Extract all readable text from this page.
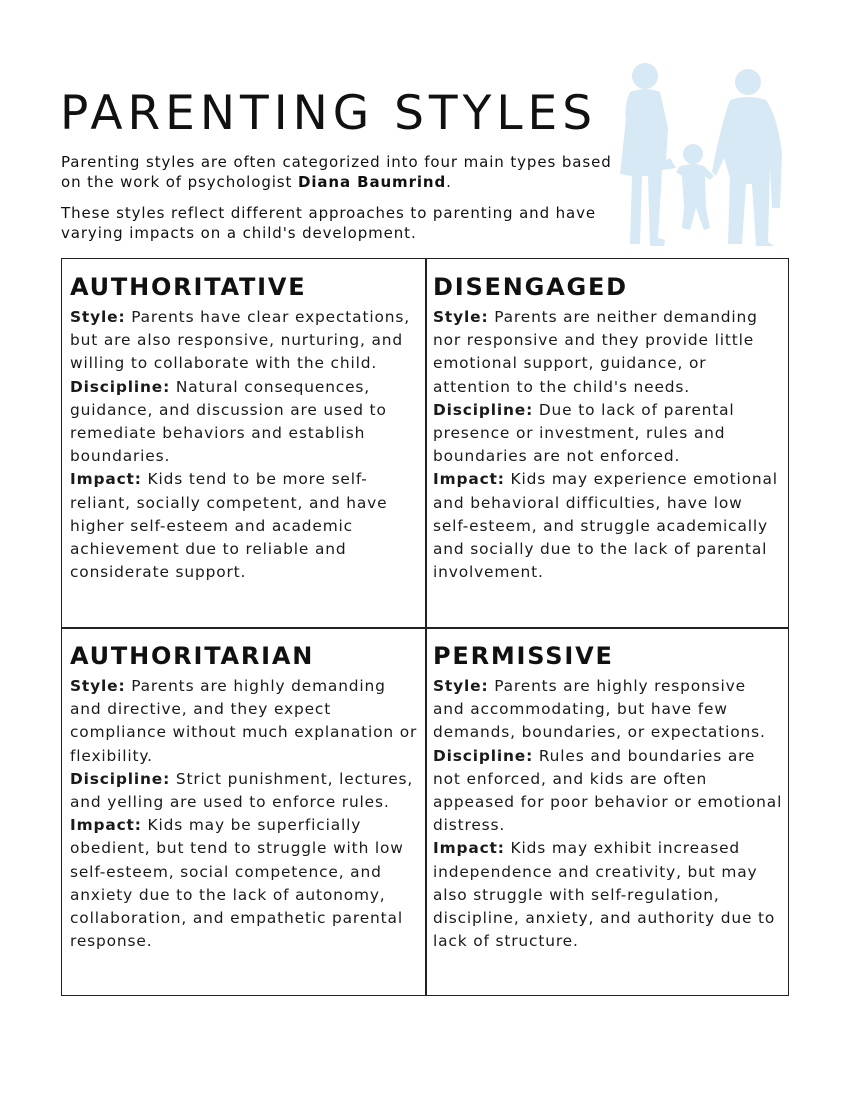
PARENTING STYLES

Parenting styles are often categorized into four main types based on the work of psychologist Diana Baumrind.

These styles reflect different approaches to parenting and have varying impacts on a child's development.

AUTHORITATIVE

Style: Parents have clear expectations, but are also responsive, nurturing, and willing to collaborate with the child.
Discipline: Natural consequences, guidance, and discussion are used to remediate behaviors and establish boundaries.
Impact: Kids tend to be more self-reliant, socially competent, and have higher self-esteem and academic achievement due to reliable and considerate support.

DISENGAGED

Style: Parents are neither demanding nor responsive and they provide little emotional support, guidance, or attention to the child's needs.
Discipline: Due to lack of parental presence or investment, rules and boundaries are not enforced.
Impact: Kids may experience emotional and behavioral difficulties, have low self-esteem, and struggle academically and socially due to the lack of parental involvement.

AUTHORITARIAN

Style: Parents are highly demanding and directive, and they expect compliance without much explanation or flexibility.
Discipline: Strict punishment, lectures, and yelling are used to enforce rules.
Impact: Kids may be superficially obedient, but tend to struggle with low self-esteem, social competence, and anxiety due to the lack of autonomy, collaboration, and empathetic parental response.

PERMISSIVE

Style: Parents are highly responsive and accommodating, but have few demands, boundaries, or expectations.
Discipline: Rules and boundaries are not enforced, and kids are often appeased for poor behavior or emotional distress.
Impact: Kids may exhibit increased independence and creativity, but may also struggle with self-regulation, discipline, anxiety, and authority due to lack of structure.
